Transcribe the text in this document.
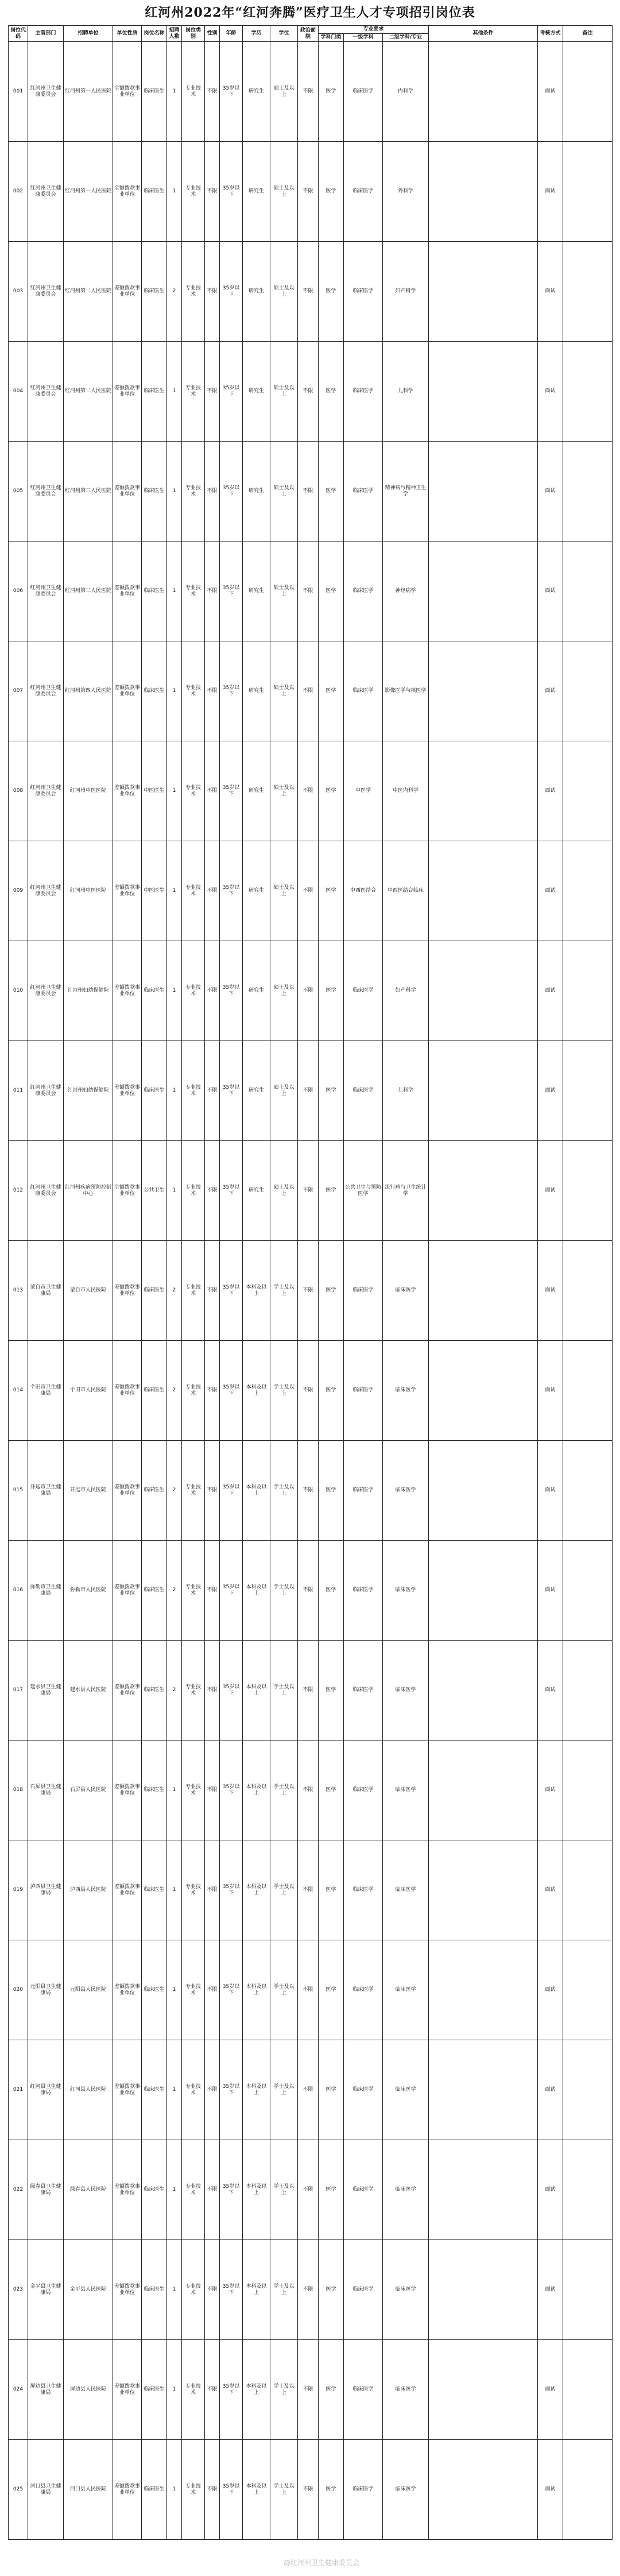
红河州2022年“红河奔腾”医疗卫生人才专项招引岗位表
岗位代码	主管部门	招聘单位	单位性质	岗位名称	招聘人数	岗位类别	性别	年龄	学历	学位	政治面貌	专业要求			其他条件	考核方式	备注
												学科门类	一级学科	二级学科/专业			
001	红河州卫生健康委员会	红河州第一人民医院	全额拨款事业单位	临床医生	1	专业技术	不限	35岁以下	研究生	硕士及以上	不限	医学	临床医学	内科学		面试	
002	红河州卫生健康委员会	红河州第一人民医院	全额拨款事业单位	临床医生	1	专业技术	不限	35岁以下	研究生	硕士及以上	不限	医学	临床医学	外科学		面试	
003	红河州卫生健康委员会	红河州第二人民医院	差额拨款事业单位	临床医生	2	专业技术	不限	35岁以下	研究生	硕士及以上	不限	医学	临床医学	妇产科学		面试	
004	红河州卫生健康委员会	红河州第二人民医院	差额拨款事业单位	临床医生	1	专业技术	不限	35岁以下	研究生	硕士及以上	不限	医学	临床医学	儿科学		面试	
005	红河州卫生健康委员会	红河州第三人民医院	差额拨款事业单位	临床医生	1	专业技术	不限	35岁以下	研究生	硕士及以上	不限	医学	临床医学	精神病与精神卫生学		面试	
006	红河州卫生健康委员会	红河州第三人民医院	差额拨款事业单位	临床医生	1	专业技术	不限	35岁以下	研究生	硕士及以上	不限	医学	临床医学	神经病学		面试	
007	红河州卫生健康委员会	红河州第四人民医院	差额拨款事业单位	临床医生	1	专业技术	不限	35岁以下	研究生	硕士及以上	不限	医学	临床医学	影像医学与核医学		面试	
008	红河州卫生健康委员会	红河州中医医院	差额拨款事业单位	中医医生	1	专业技术	不限	35岁以下	研究生	硕士及以上	不限	医学	中医学	中医内科学		面试	
009	红河州卫生健康委员会	红河州中医医院	差额拨款事业单位	中医医生	1	专业技术	不限	35岁以下	研究生	硕士及以上	不限	医学	中西医结合	中西医结合临床		面试	
010	红河州卫生健康委员会	红河州妇幼保健院	差额拨款事业单位	临床医生	1	专业技术	不限	35岁以下	研究生	硕士及以上	不限	医学	临床医学	妇产科学		面试	
011	红河州卫生健康委员会	红河州妇幼保健院	差额拨款事业单位	临床医生	1	专业技术	不限	35岁以下	研究生	硕士及以上	不限	医学	临床医学	儿科学		面试	
012	红河州卫生健康委员会	红河州疾病预防控制中心	全额拨款事业单位	公共卫生	1	专业技术	不限	35岁以下	研究生	硕士及以上	不限	医学	公共卫生与预防医学	流行病与卫生统计学		面试	
013	蒙自市卫生健康局	蒙自市人民医院	差额拨款事业单位	临床医生	2	专业技术	不限	35岁以下	本科及以上	学士及以上	不限	医学	临床医学	临床医学		面试	
014	个旧市卫生健康局	个旧市人民医院	差额拨款事业单位	临床医生	2	专业技术	不限	35岁以下	本科及以上	学士及以上	不限	医学	临床医学	临床医学		面试	
015	开远市卫生健康局	开远市人民医院	差额拨款事业单位	临床医生	2	专业技术	不限	35岁以下	本科及以上	学士及以上	不限	医学	临床医学	临床医学		面试	
016	弥勒市卫生健康局	弥勒市人民医院	差额拨款事业单位	临床医生	2	专业技术	不限	35岁以下	本科及以上	学士及以上	不限	医学	临床医学	临床医学		面试	
017	建水县卫生健康局	建水县人民医院	差额拨款事业单位	临床医生	2	专业技术	不限	35岁以下	本科及以上	学士及以上	不限	医学	临床医学	临床医学		面试	
018	石屏县卫生健康局	石屏县人民医院	差额拨款事业单位	临床医生	1	专业技术	不限	35岁以下	本科及以上	学士及以上	不限	医学	临床医学	临床医学		面试	
019	泸西县卫生健康局	泸西县人民医院	差额拨款事业单位	临床医生	1	专业技术	不限	35岁以下	本科及以上	学士及以上	不限	医学	临床医学	临床医学		面试	
020	元阳县卫生健康局	元阳县人民医院	差额拨款事业单位	临床医生	1	专业技术	不限	35岁以下	本科及以上	学士及以上	不限	医学	临床医学	临床医学		面试	
021	红河县卫生健康局	红河县人民医院	差额拨款事业单位	临床医生	1	专业技术	不限	35岁以下	本科及以上	学士及以上	不限	医学	临床医学	临床医学		面试	
022	绿春县卫生健康局	绿春县人民医院	差额拨款事业单位	临床医生	1	专业技术	不限	35岁以下	本科及以上	学士及以上	不限	医学	临床医学	临床医学		面试	
023	金平县卫生健康局	金平县人民医院	差额拨款事业单位	临床医生	1	专业技术	不限	35岁以下	本科及以上	学士及以上	不限	医学	临床医学	临床医学		面试	
024	屏边县卫生健康局	屏边县人民医院	差额拨款事业单位	临床医生	1	专业技术	不限	35岁以下	本科及以上	学士及以上	不限	医学	临床医学	临床医学		面试	
025	河口县卫生健康局	河口县人民医院	差额拨款事业单位	临床医生	1	专业技术	不限	35岁以下	本科及以上	学士及以上	不限	医学	临床医学	临床医学		面试	
@红河州卫生健康委员会
